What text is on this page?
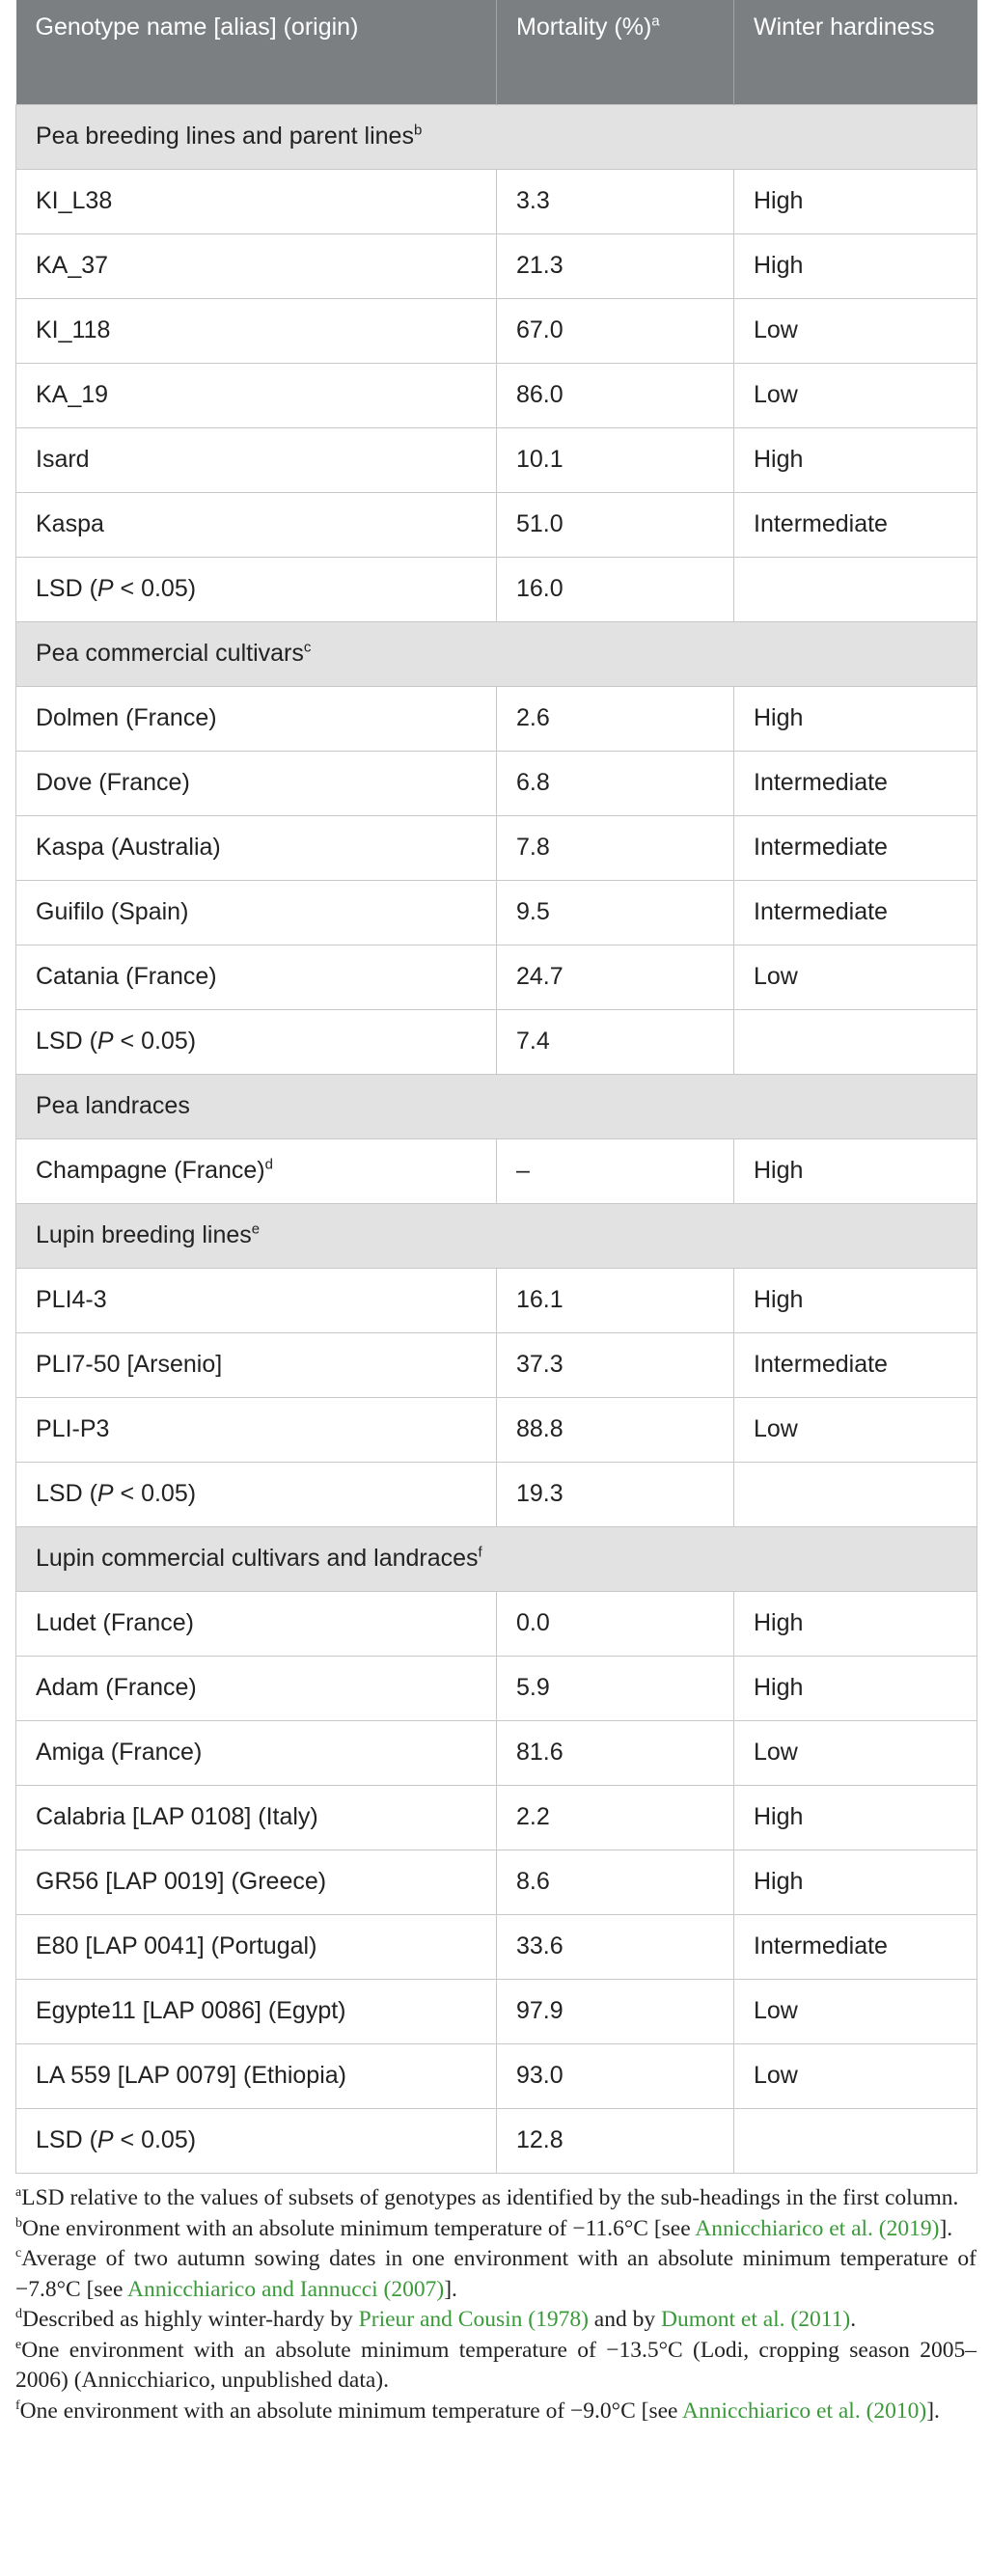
Genotype name [alias] (origin)	Mortality (%)$^a$	Winter hardiness
Pea breeding lines and parent lines$^b$
KI_L38	3.3	High
KA_37	21.3	High
KI_118	67.0	Low
KA_19	86.0	Low
Isard	10.1	High
Kaspa	51.0	Intermediate
LSD (P < 0.05)	16.0	
Pea commercial cultivars$^c$
Dolmen (France)	2.6	High
Dove (France)	6.8	Intermediate
Kaspa (Australia)	7.8	Intermediate
Guifilo (Spain)	9.5	Intermediate
Catania (France)	24.7	Low
LSD (P < 0.05)	7.4	
Pea landraces		
Champagne (France)$^d$	–	High
Lupin breeding lines$^e$
PLI4-3	16.1	High
PLI7-50 [Arsenio]	37.3	Intermediate
PLI-P3	88.8	Low
LSD (P < 0.05)	19.3	
Lupin commercial cultivars and landraces$^f$
Ludet (France)	0.0	High
Adam (France)	5.9	High
Amiga (France)	81.6	Low
Calabria [LAP 0108] (Italy)	2.2	High
GR56 [LAP 0019] (Greece)	8.6	High
E80 [LAP 0041] (Portugal)	33.6	Intermediate
Egypte11 [LAP 0086] (Egypt)	97.9	Low
LA 559 [LAP 0079] (Ethiopia)	93.0	Low
LSD (P < 0.05)	12.8	

$^a$LSD relative to the values of subsets of genotypes as identified by the sub-headings in the first column.

$^b$One environment with an absolute minimum temperature of −11.6°C [see Annicchiarico et al. (2019)].

$^c$Average of two autumn sowing dates in one environment with an absolute minimum temperature of −7.8°C [see Annicchiarico and Iannucci (2007)].

$^d$Described as highly winter-hardy by Prieur and Cousin (1978) and by Dumont et al. (2011).

$^e$One environment with an absolute minimum temperature of −13.5°C (Lodi, cropping season 2005–2006) (Annicchiarico, unpublished data).

$^f$One environment with an absolute minimum temperature of −9.0°C [see Annicchiarico et al. (2010)].
